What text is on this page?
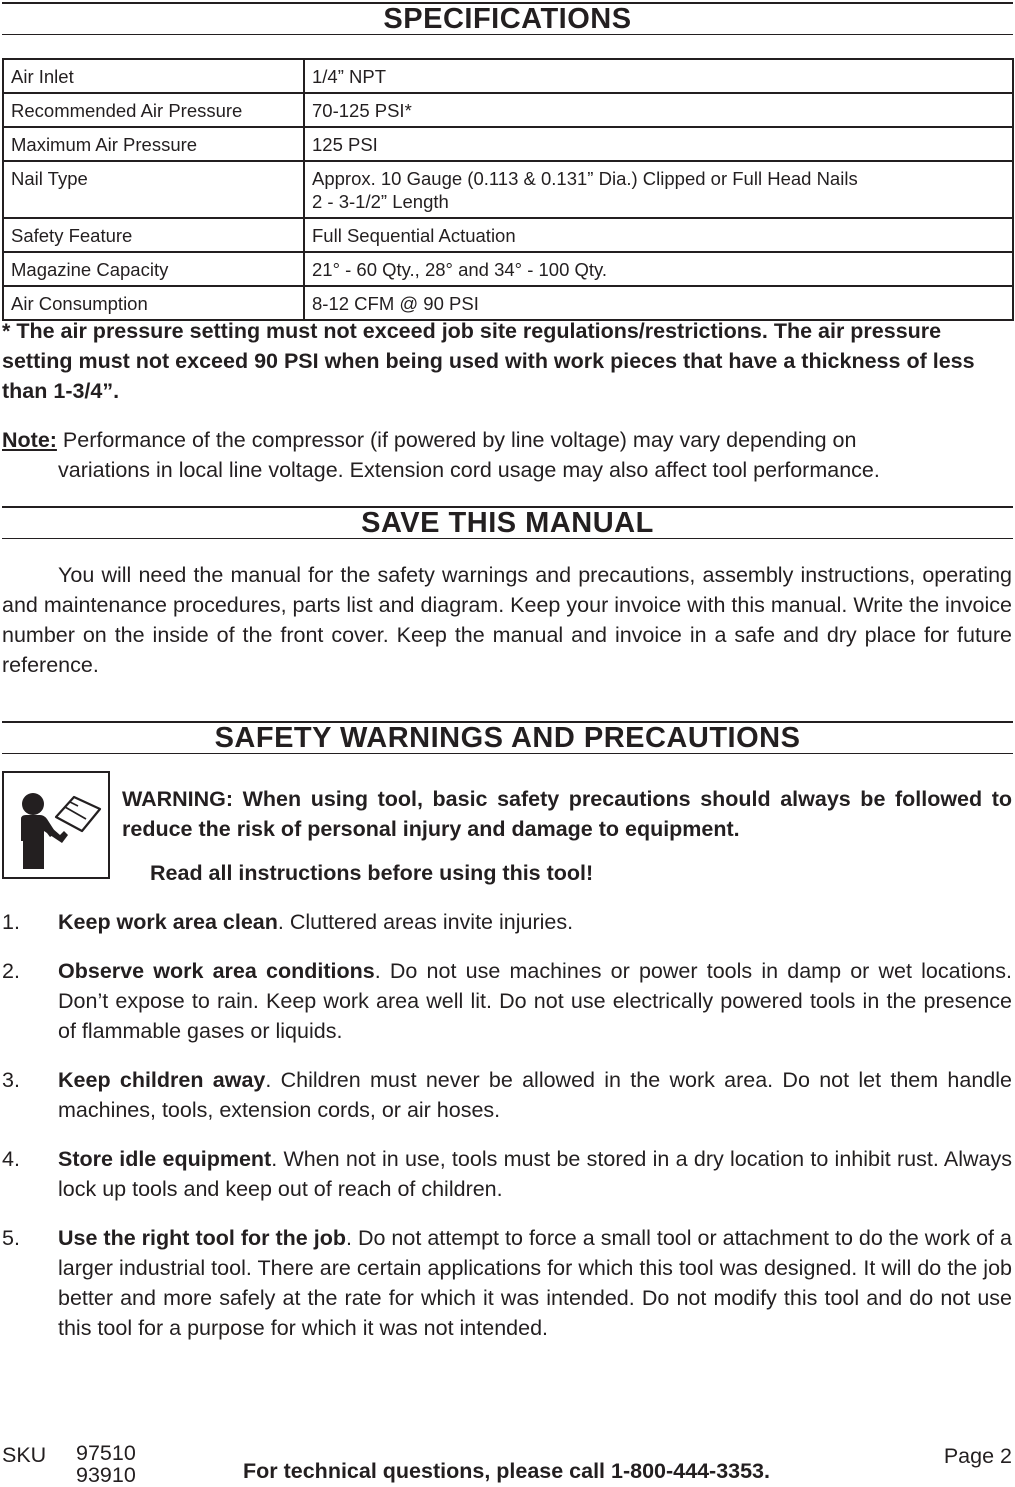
SPECIFICATIONS
Air Inlet	1/4” NPT
Recommended Air Pressure	70-125 PSI*
Maximum Air Pressure	125 PSI
Nail Type	Approx. 10 Gauge (0.113 & 0.131” Dia.) Clipped or Full Head Nails
2 - 3-1/2” Length

Safety Feature	Full Sequential Actuation
Magazine Capacity	21° - 60 Qty., 28° and 34° - 100 Qty.
Air Consumption	8-12 CFM @ 90 PSI
* The air pressure setting must not exceed job site regulations/restrictions. The air pressure setting must not exceed 90 PSI when being used with work pieces that have a thickness of less than 1-3/4”.
Note: Performance of the compressor (if powered by line voltage) may vary depending on
variations in local line voltage. Extension cord usage may also affect tool performance.
SAVE THIS MANUAL
You will need the manual for the safety warnings and precautions, assembly instructions, operating and maintenance procedures, parts list and diagram. Keep your invoice with this manual. Write the invoice number on the inside of the front cover. Keep the manual and invoice in a safe and dry place for future reference.
SAFETY WARNINGS AND PRECAUTIONS
WARNING: When using tool, basic safety precautions should always be followed to reduce the risk of personal injury and damage to equipment.
Read all instructions before using this tool!
1.	Keep work area clean. Cluttered areas invite injuries.
2.	Observe work area conditions. Do not use machines or power tools in damp or wet locations. Don’t expose to rain. Keep work area well lit. Do not use electrically powered tools in the presence of flammable gases or liquids.
3.	Keep children away. Children must never be allowed in the work area. Do not let them handle machines, tools, extension cords, or air hoses.
4.	Store idle equipment. When not in use, tools must be stored in a dry location to inhibit rust. Always lock up tools and keep out of reach of children.
5.	Use the right tool for the job. Do not attempt to force a small tool or attachment to do the work of a larger industrial tool. There are certain applications for which this tool was designed. It will do the job better and more safely at the rate for which it was intended. Do not modify this tool and do not use this tool for a purpose for which it was not intended.
SKU 97510
93910	For technical questions, please call 1-800-444-3353.
Page 2
